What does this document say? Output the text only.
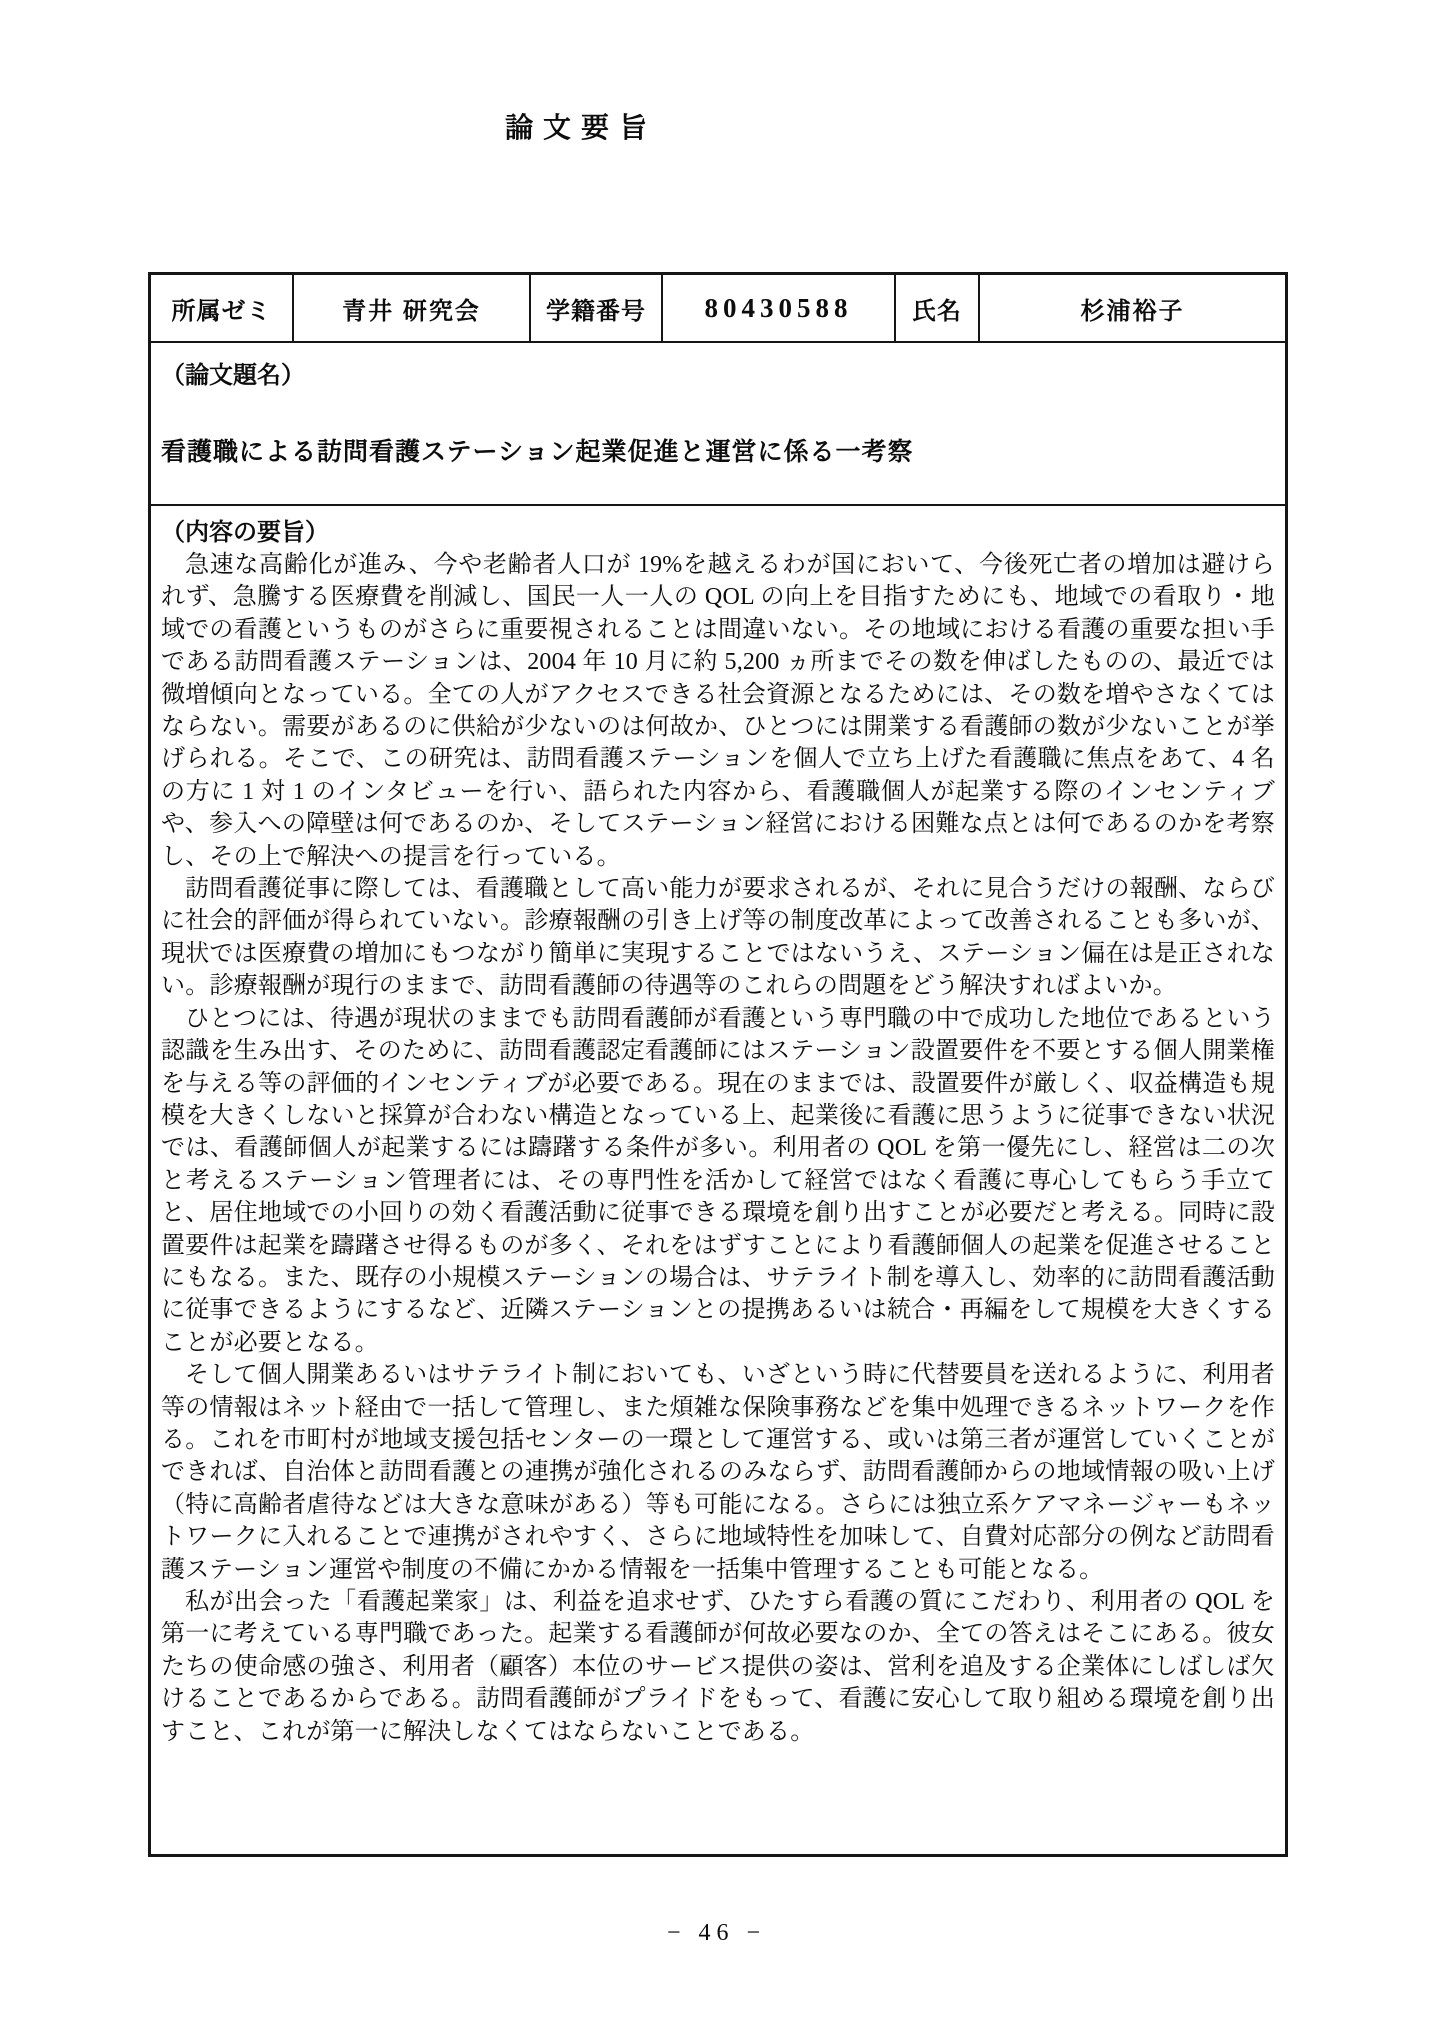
論文要旨
所属ゼミ	青井 研究会	学籍番号 80430588 氏名	杉浦裕子
（論文題名）
看護職による訪問看護ステーション起業促進と運営に係る一考察
（内容の要旨）

急速な高齢化が進み、今や老齢者人口が 19%を越えるわが国において、今後死亡者の増加は避けられず、急騰する医療費を削減し、国民一人一人の QOL の向上を目指すためにも、地域での看取り・地域での看護というものがさらに重要視されることは間違いない。その地域における看護の重要な担い手である訪問看護ステーションは、2004 年 10 月に約 5,200 ヵ所までその数を伸ばしたものの、最近では微増傾向となっている。全ての人がアクセスできる社会資源となるためには、その数を増やさなくてはならない。需要があるのに供給が少ないのは何故か、ひとつには開業する看護師の数が少ないことが挙げられる。そこで、この研究は、訪問看護ステーションを個人で立ち上げた看護職に焦点をあて、4 名の方に 1 対 1 のインタビューを行い、語られた内容から、看護職個人が起業する際のインセンティブや、参入への障壁は何であるのか、そしてステーション経営における困難な点とは何であるのかを考察し、その上で解決への提言を行っている。

訪問看護従事に際しては、看護職として高い能力が要求されるが、それに見合うだけの報酬、ならびに社会的評価が得られていない。診療報酬の引き上げ等の制度改革によって改善されることも多いが、現状では医療費の増加にもつながり簡単に実現することではないうえ、ステーション偏在は是正されない。診療報酬が現行のままで、訪問看護師の待遇等のこれらの問題をどう解決すればよいか。

ひとつには、待遇が現状のままでも訪問看護師が看護という専門職の中で成功した地位であるという認識を生み出す、そのために、訪問看護認定看護師にはステーション設置要件を不要とする個人開業権を与える等の評価的インセンティブが必要である。現在のままでは、設置要件が厳しく、収益構造も規模を大きくしないと採算が合わない構造となっている上、起業後に看護に思うように従事できない状況では、看護師個人が起業するには躊躇する条件が多い。利用者の QOL を第一優先にし、経営は二の次と考えるステーション管理者には、その専門性を活かして経営ではなく看護に専心してもらう手立てと、居住地域での小回りの効く看護活動に従事できる環境を創り出すことが必要だと考える。同時に設置要件は起業を躊躇させ得るものが多く、それをはずすことにより看護師個人の起業を促進させることにもなる。また、既存の小規模ステーションの場合は、サテライト制を導入し、効率的に訪問看護活動に従事できるようにするなど、近隣ステーションとの提携あるいは統合・再編をして規模を大きくすることが必要となる。

そして個人開業あるいはサテライト制においても、いざという時に代替要員を送れるように、利用者等の情報はネット経由で一括して管理し、また煩雑な保険事務などを集中処理できるネットワークを作る。これを市町村が地域支援包括センターの一環として運営する、或いは第三者が運営していくことができれば、自治体と訪問看護との連携が強化されるのみならず、訪問看護師からの地域情報の吸い上げ（特に高齢者虐待などは大きな意味がある）等も可能になる。さらには独立系ケアマネージャーもネットワークに入れることで連携がされやすく、さらに地域特性を加味して、自費対応部分の例など訪問看護ステーション運営や制度の不備にかかる情報を一括集中管理することも可能となる。

私が出会った「看護起業家」は、利益を追求せず、ひたすら看護の質にこだわり、利用者の QOL を第一に考えている専門職であった。起業する看護師が何故必要なのか、全ての答えはそこにある。彼女たちの使命感の強さ、利用者（顧客）本位のサービス提供の姿は、営利を追及する企業体にしばしば欠けることであるからである。訪問看護師がプライドをもって、看護に安心して取り組める環境を創り出すこと、これが第一に解決しなくてはならないことである。

− 46 −
